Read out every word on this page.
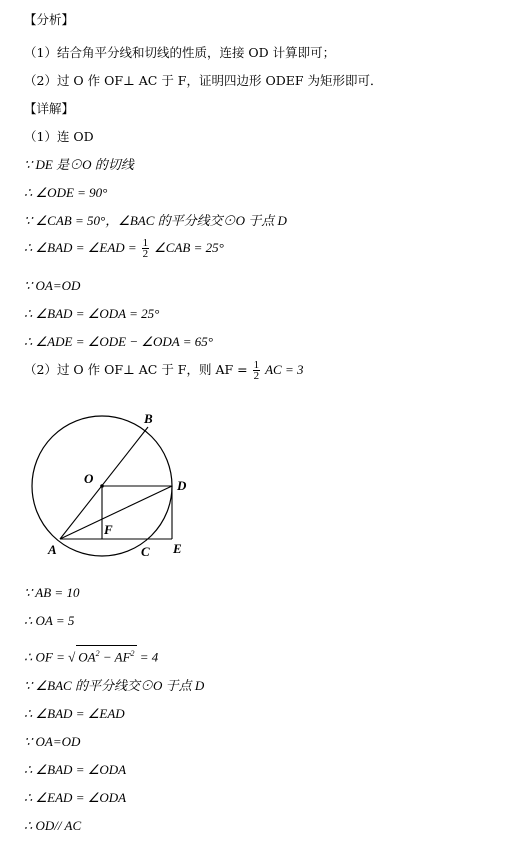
【分析】
（1）结合角平分线和切线的性质，连接 OD 计算即可；
（2）过 O 作 OF⊥ AC 于 F，证明四边形 ODEF 为矩形即可．
【详解】
（1）连 OD
∵ DE 是⊙O 的切线
∴ ∠ODE = 90°
∵ ∠CAB = 50°，∠BAC 的平分线交⊙O 于点 D
∴ ∠BAD = ∠EAD = $\frac{1}{2}$ ∠CAB = 25°
∵ OA=OD
∴ ∠BAD = ∠ODA = 25°
∴ ∠ADE = ∠ODE − ∠ODA = 65°
（2）过 O 作 OF⊥ AC 于 F，则 AF = $\frac{1}{2}$ AC = 3
B
O	D
F
A	C E
∵ AB = 10
∴ OA = 5
∴ OF = √ $OA^2 - AF^2 = 4$
∵ ∠BAC 的平分线交⊙O 于点 D
∴ ∠BAD = ∠EAD
∵ OA=OD
∴ ∠BAD = ∠ODA
∴ ∠EAD = ∠ODA
∴ OD// AC
